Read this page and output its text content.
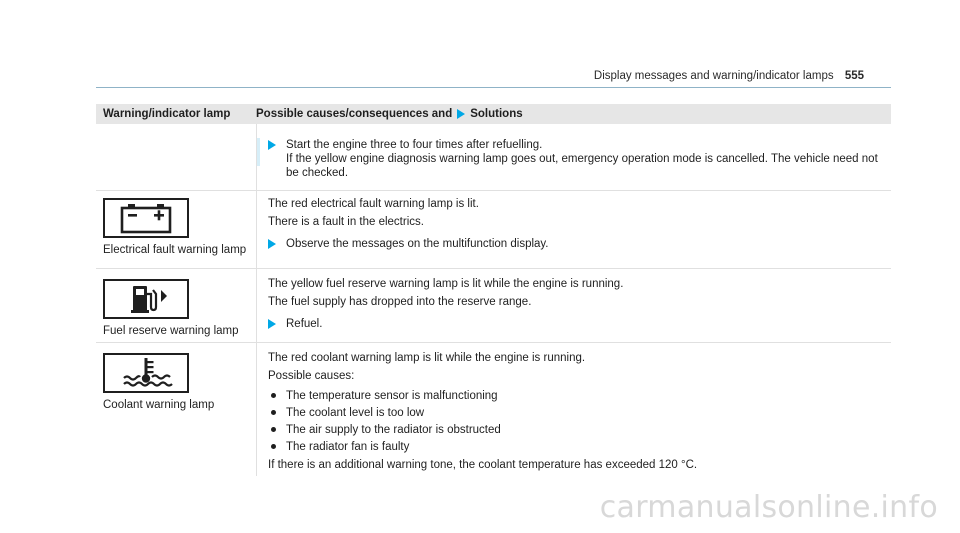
Display messages and warning/indicator lamps 555
Warning/indicator lamp	Possible causes/consequences and Solutions
Start the engine three to four times after refuelling.
If the yellow engine diagnosis warning lamp goes out, emergency operation mode is cancelled. The vehicle need not be checked.
Electrical fault warning lamp
The red electrical fault warning lamp is lit.
There is a fault in the electrics.
Observe the messages on the multifunction display.
Fuel reserve warning lamp
The yellow fuel reserve warning lamp is lit while the engine is running.
The fuel supply has dropped into the reserve range.
Refuel.
Coolant warning lamp
The red coolant warning lamp is lit while the engine is running.
Possible causes:
The temperature sensor is malfunctioning
The coolant level is too low
The air supply to the radiator is obstructed
The radiator fan is faulty
If there is an additional warning tone, the coolant temperature has exceeded 120 °C.
carmanualsonline.info
